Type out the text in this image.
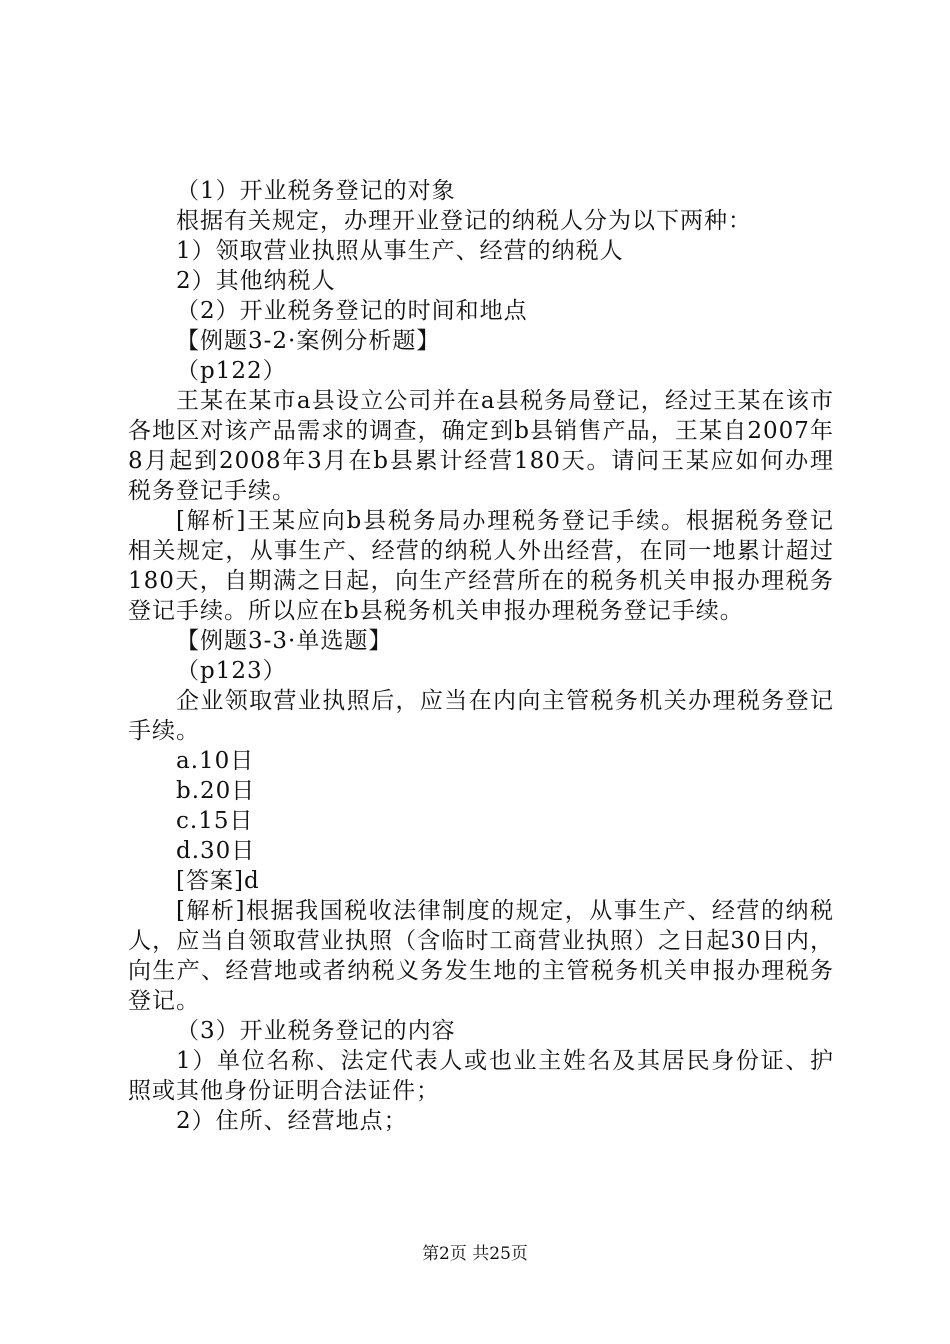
（1）开业税务登记的对象
根据有关规定，办理开业登记的纳税人分为以下两种：
1）领取营业执照从事生产、经营的纳税人
2）其他纳税人
（2）开业税务登记的时间和地点
【例题3-2·案例分析题】
（p122）
王某在某市a县设立公司并在a县税务局登记，经过王某在该市各地区对该产品需求的调查，确定到b县销售产品，王某自2007年8月起到2008年3月在b县累计经营180天。请问王某应如何办理税务登记手续。
[解析]王某应向b县税务局办理税务登记手续。根据税务登记相关规定，从事生产、经营的纳税人外出经营，在同一地累计超过180天，自期满之日起，向生产经营所在的税务机关申报办理税务登记手续。所以应在b县税务机关申报办理税务登记手续。
【例题3-3·单选题】
（p123）
企业领取营业执照后，应当在内向主管税务机关办理税务登记手续。
a.10日
b.20日
c.15日
d.30日
[答案]d
[解析]根据我国税收法律制度的规定，从事生产、经营的纳税人，应当自领取营业执照（含临时工商营业执照）之日起30日内，向生产、经营地或者纳税义务发生地的主管税务机关申报办理税务登记。
（3）开业税务登记的内容
1）单位名称、法定代表人或也业主姓名及其居民身份证、护照或其他身份证明合法证件；
2）住所、经营地点；
第2页 共25页
